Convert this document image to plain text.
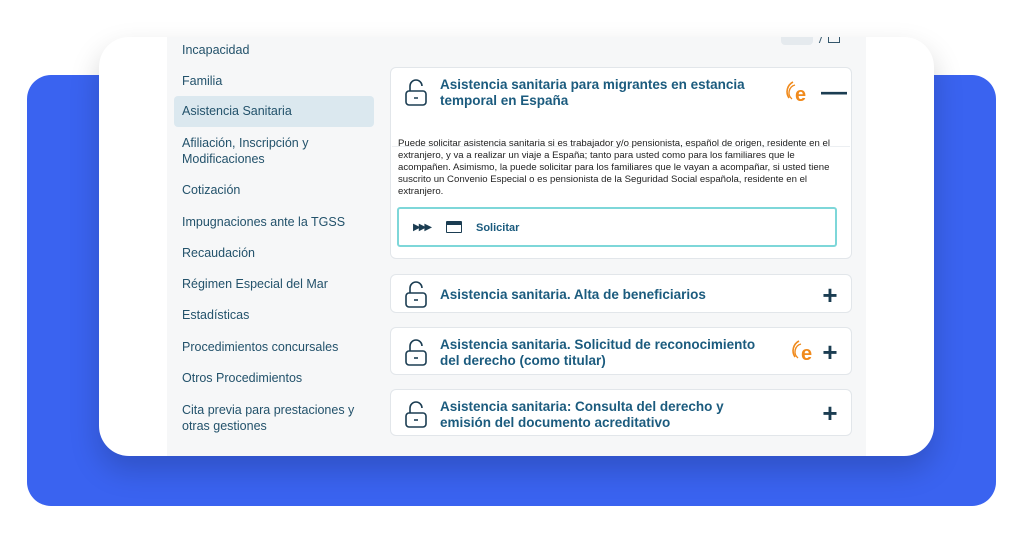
Incapacidad
Familia
Asistencia Sanitaria
Afiliación, Inscripción y Modificaciones
Cotización
Impugnaciones ante la TGSS
Recaudación
Régimen Especial del Mar
Estadísticas
Procedimientos concursales
Otros Procedimientos
Cita previa para prestaciones y otras gestiones
Asistencia sanitaria para migrantes en estancia temporal en España	e —
Puede solicitar asistencia sanitaria si es trabajador y/o pensionista, español de origen, residente en el extranjero, y va a realizar un viaje a España; tanto para usted como para los familiares que le acompañen. Asimismo, la puede solicitar para los familiares que le vayan a acompañar, si usted tiene suscrito un Convenio Especial o es pensionista de la Seguridad Social española, residente en el extranjero.
▶▶▶	Solicitar
Asistencia sanitaria. Alta de beneficiarios	+
Asistencia sanitaria. Solicitud de reconocimiento del derecho (como titular)	e +
Asistencia sanitaria: Consulta del derecho y emisión del documento acreditativo	+
